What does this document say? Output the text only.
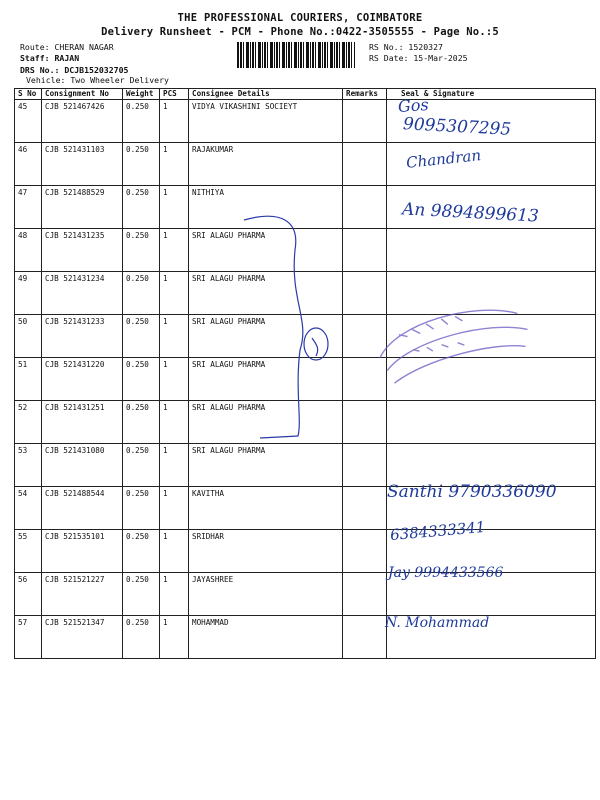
THE PROFESSIONAL COURIERS, COIMBATORE
Delivery Runsheet - PCM - Phone No.:0422-3505555 - Page No.:5
Route: CHERAN NAGAR
Staff: RAJAN
DRS No.: DCJB152032705
Vehicle: Two Wheeler Delivery
RS No.: 1520327
RS Date: 15-Mar-2025
S No	Consignment No	Weight	PCS	Consignee Details	Remarks	Seal & Signature
45	CJB 521467426	0.250	1	VIDYA VIKASHINI SOCIEYT		
46	CJB 521431103	0.250	1	RAJAKUMAR		
47	CJB 521488529	0.250	1	NITHIYA		
48	CJB 521431235	0.250	1	SRI ALAGU PHARMA		
49	CJB 521431234	0.250	1	SRI ALAGU PHARMA		
50	CJB 521431233	0.250	1	SRI ALAGU PHARMA		
51	CJB 521431220	0.250	1	SRI ALAGU PHARMA		
52	CJB 521431251	0.250	1	SRI ALAGU PHARMA		
53	CJB 521431080	0.250	1	SRI ALAGU PHARMA		
54	CJB 521488544	0.250	1	KAVITHA		
55	CJB 521535101	0.250	1	SRIDHAR		
56	CJB 521521227	0.250	1	JAYASHREE		
57	CJB 521521347	0.250	1	MOHAMMAD		
Gos
9095307295
Chandran
An 9894899613
Santhi 9790336090
6384333341
Jay 9994433566
N. Mohammad
